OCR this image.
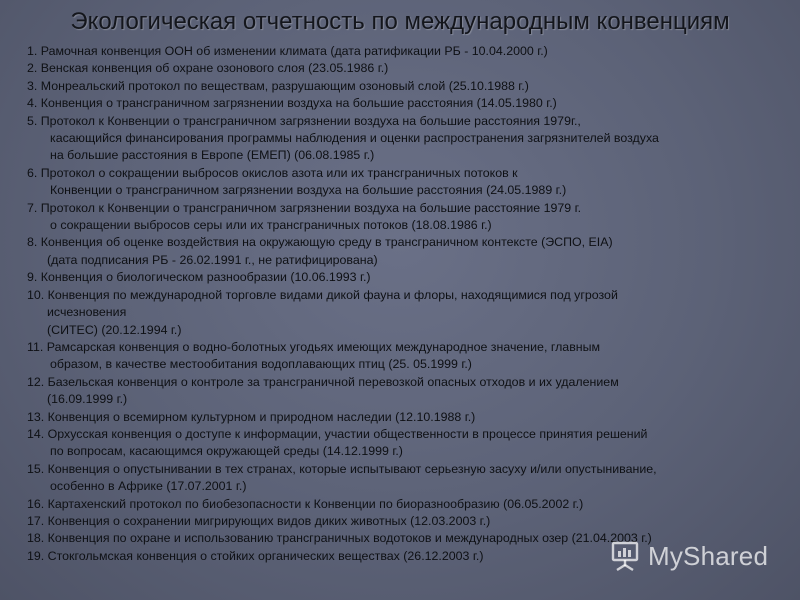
Экологическая отчетность по международным конвенциям
1. Рамочная конвенция ООН об изменении климата (дата ратификации РБ - 10.04.2000 г.)
2. Венская конвенция об охране озонового слоя (23.05.1986 г.)
3. Монреальский протокол по веществам, разрушающим озоновый слой (25.10.1988 г.)
4. Конвенция о трансграничном загрязнении воздуха на большие расстояния (14.05.1980 г.)
5. Протокол к Конвенции о трансграничном загрязнении воздуха на большие расстояния 1979г.,
касающийся финансирования программы наблюдения и оценки распространения загрязнителей воздуха
на большие расстояния в Европе (ЕМЕП) (06.08.1985 г.)
6. Протокол о сокращении выбросов окислов азота или их трансграничных потоков к
Конвенции о трансграничном загрязнении воздуха на большие расстояния (24.05.1989 г.)
7. Протокол к Конвенции о трансграничном загрязнении воздуха на большие расстояние 1979 г.
о сокращении выбросов серы или их трансграничных потоков (18.08.1986 г.)
8. Конвенция об оценке воздействия на окружающую среду в трансграничном контексте (ЭСПО, EIA)
(дата подписания РБ - 26.02.1991 г., не ратифицирована)
9. Конвенция о биологическом разнообразии (10.06.1993 г.)
10. Конвенция по международной торговле видами дикой фауна и флоры, находящимися под угрозой
исчезновения
(СИТЕС) (20.12.1994 г.)
11. Рамсарская конвенция о водно-болотных угодьях имеющих международное значение, главным
образом, в качестве местообитания водоплавающих птиц (25. 05.1999 г.)
12. Базельская конвенция о контроле за трансграничной перевозкой опасных отходов и их удалением
(16.09.1999 г.)
13. Конвенция о всемирном культурном и природном наследии (12.10.1988 г.)
14. Орхусская конвенция о доступе к информации, участии общественности в процессе принятия решений
по вопросам, касающимся окружающей среды (14.12.1999 г.)
15. Конвенция о опустынивании в тех странах, которые испытывают серьезную засуху и/или опустынивание,
особенно в Африке (17.07.2001 г.)
16. Картахенский протокол по биобезопасности к Конвенции по биоразнообразию (06.05.2002 г.)
17. Конвенция о сохранении мигрирующих видов диких животных (12.03.2003 г.)
18. Конвенция по охране и использованию трансграничных водотоков и международных озер (21.04.2003 г.)
19. Стокгольмская конвенция о стойких органических веществах (26.12.2003 г.)	MyShared
